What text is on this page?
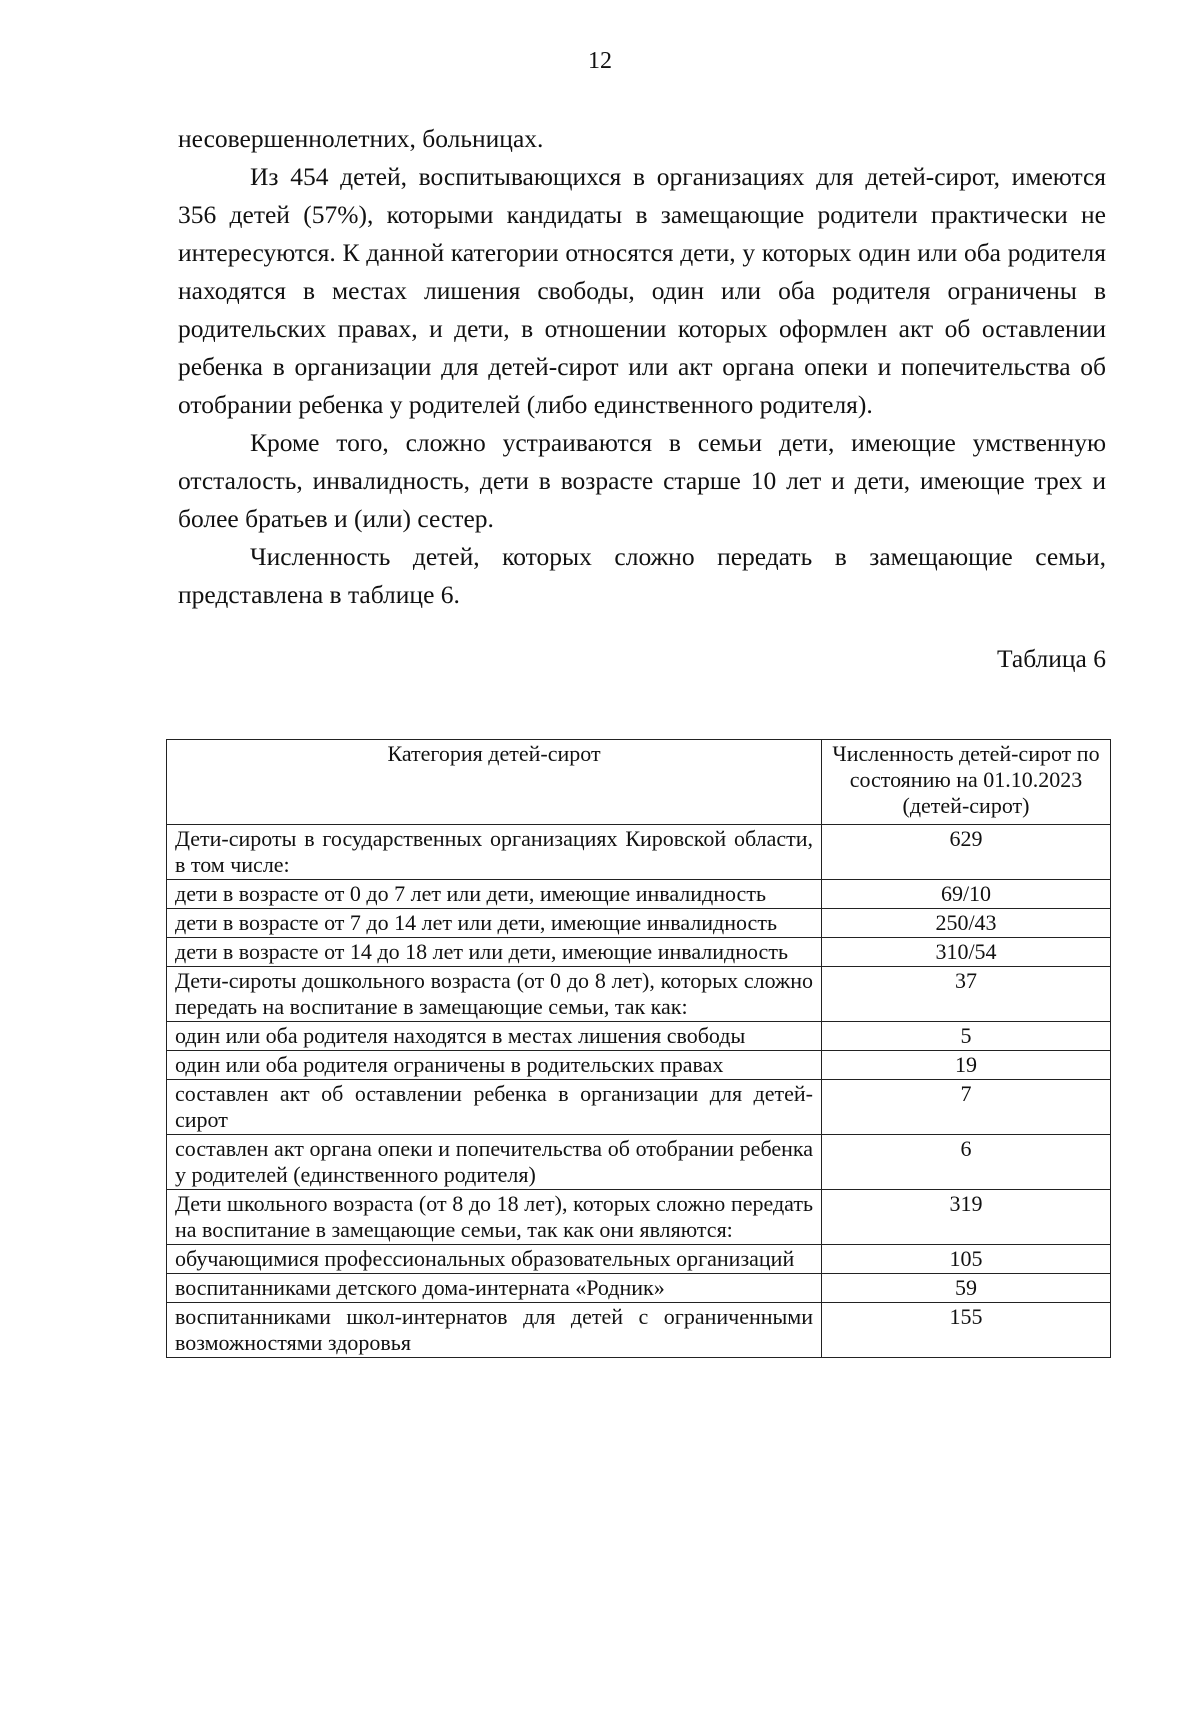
12

несовершеннолетних, больницах.

Из 454 детей, воспитывающихся в организациях для детей-сирот, имеются 356 детей (57%), которыми кандидаты в замещающие родители практически не интересуются. К данной категории относятся дети, у которых один или оба родителя находятся в местах лишения свободы, один или оба родителя ограничены в родительских правах, и дети, в отношении которых оформлен акт об оставлении ребенка в организации для детей-сирот или акт органа опеки и попечительства об отобрании ребенка у родителей (либо единственного родителя).

Кроме того, сложно устраиваются в семьи дети, имеющие умственную отсталость, инвалидность, дети в возрасте старше 10 лет и дети, имеющие трех и более братьев и (или) сестер.

Численность детей, которых сложно передать в замещающие семьи, представлена в таблице 6.

Таблица 6
Категория детей-сирот	Численность детей-сирот по состоянию на 01.10.2023 (детей-сирот)
Дети-сироты в государственных организациях Кировской области, в том числе:	629
дети в возрасте от 0 до 7 лет или дети, имеющие инвалидность	69/10
дети в возрасте от 7 до 14 лет или дети, имеющие инвалидность	250/43
дети в возрасте от 14 до 18 лет или дети, имеющие инвалидность	310/54
Дети-сироты дошкольного возраста (от 0 до 8 лет), которых сложно передать на воспитание в замещающие семьи, так как:	37
один или оба родителя находятся в местах лишения свободы	5
один или оба родителя ограничены в родительских правах	19
составлен акт об оставлении ребенка в организации для детей-сирот	7
составлен акт органа опеки и попечительства об отобрании ребенка у родителей (единственного родителя)	6
Дети школьного возраста (от 8 до 18 лет), которых сложно передать на воспитание в замещающие семьи, так как они являются:	319
обучающимися профессиональных образовательных организаций	105
воспитанниками детского дома-интерната «Родник»	59
воспитанниками школ-интернатов для детей с ограниченными возможностями здоровья	155
